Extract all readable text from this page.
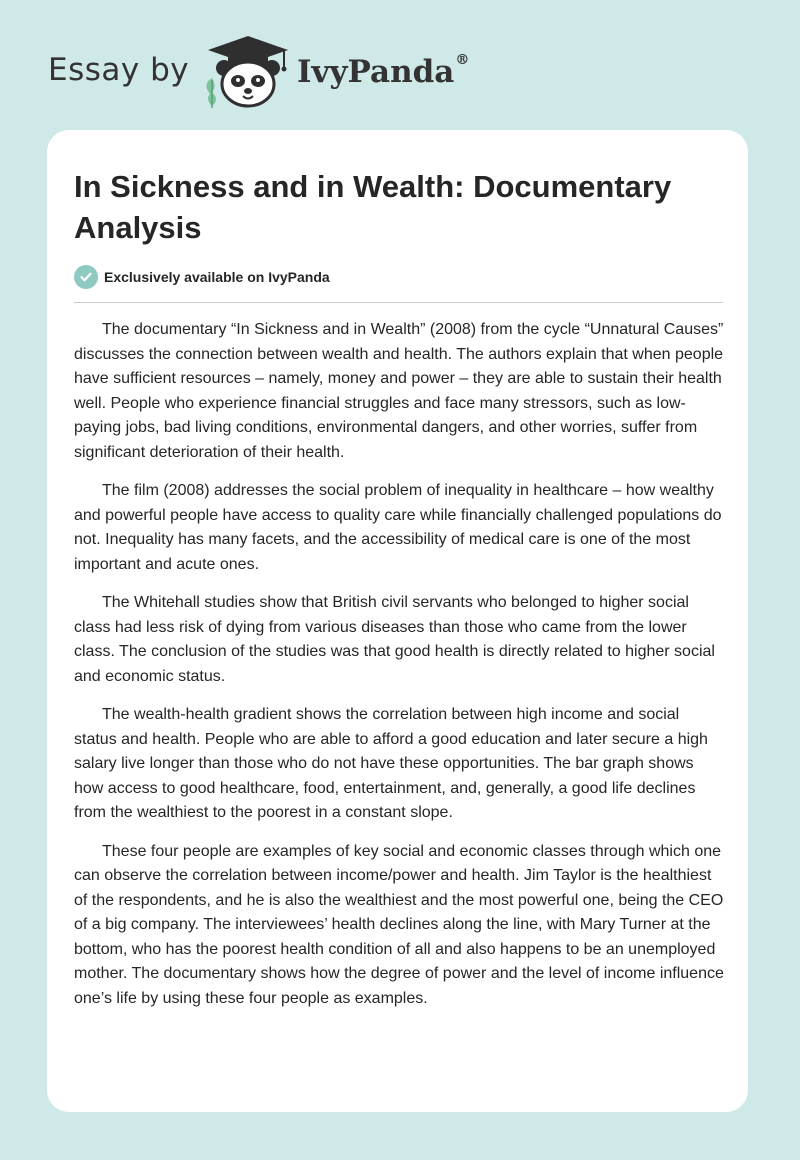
Essay by	IvyPanda®
In Sickness and in Wealth: Documentary Analysis
Exclusively available on IvyPanda

The documentary “In Sickness and in Wealth” (2008) from the cycle “Unnatural Causes” discusses the connection between wealth and health. The authors explain that when people have sufficient resources – namely, money and power – they are able to sustain their health well. People who experience financial struggles and face many stressors, such as low-paying jobs, bad living conditions, environmental dangers, and other worries, suffer from significant deterioration of their health.

The film (2008) addresses the social problem of inequality in healthcare – how wealthy and powerful people have access to quality care while financially challenged populations do not. Inequality has many facets, and the accessibility of medical care is one of the most important and acute ones.

The Whitehall studies show that British civil servants who belonged to higher social class had less risk of dying from various diseases than those who came from the lower class. The conclusion of the studies was that good health is directly related to higher social and economic status.

The wealth-health gradient shows the correlation between high income and social status and health. People who are able to afford a good education and later secure a high salary live longer than those who do not have these opportunities. The bar graph shows how access to good healthcare, food, entertainment, and, generally, a good life declines from the wealthiest to the poorest in a constant slope.

These four people are examples of key social and economic classes through which one can observe the correlation between income/power and health. Jim Taylor is the healthiest of the respondents, and he is also the wealthiest and the most powerful one, being the CEO of a big company. The interviewees’ health declines along the line, with Mary Turner at the bottom, who has the poorest health condition of all and also happens to be an unemployed mother. The documentary shows how the degree of power and the level of income influence one’s life by using these four people as examples.
